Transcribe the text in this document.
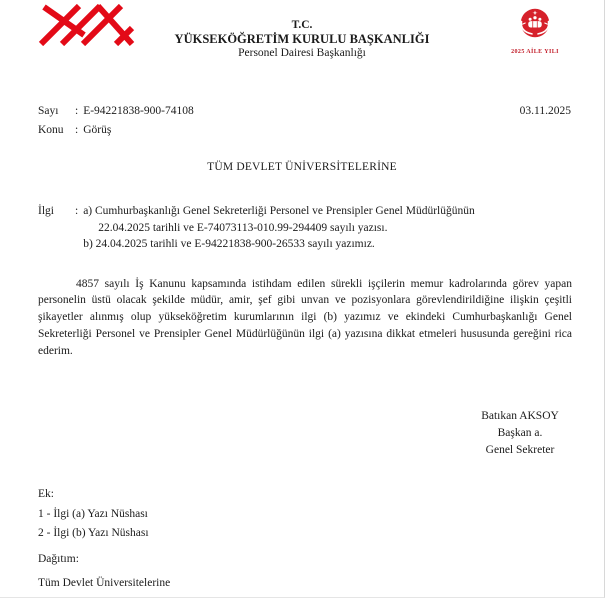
T.C.
YÜKSEKÖĞRETİM KURULU BAŞKANLIĞI
Personel Dairesi Başkanlığı	2025 AİLE YILI
Sayı	: E-94221838-900-74108
Konu : Görüş
03.11.2025
TÜM DEVLET ÜNİVERSİTELERİNE
İlgi	: a) Cumhurbaşkanlığı Genel Sekreterliği Personel ve Prensipler Genel Müdürlüğünün
22.04.2025 tarihli ve E-74073113-010.99-294409 sayılı yazısı.
b) 24.04.2025 tarihli ve E-94221838-900-26533 sayılı yazımız.

4857 sayılı İş Kanunu kapsamında istihdam edilen sürekli işçilerin memur kadrolarında görev yapan personelin üstü olacak şekilde müdür, amir, şef gibi unvan ve pozisyonlara görevlendirildiğine ilişkin çeşitli şikayetler alınmış olup yükseköğretim kurumlarının ilgi (b) yazımız ve ekindeki Cumhurbaşkanlığı Genel Sekreterliği Personel ve Prensipler Genel Müdürlüğünün ilgi (a) yazısına dikkat etmeleri hususunda gereğini rica ederim.

Batıkan AKSOY
Başkan a.
Genel Sekreter
Ek:
1 - İlgi (a) Yazı Nüshası
2 - İlgi (b) Yazı Nüshası
Dağıtım:
Tüm Devlet Üniversitelerine
